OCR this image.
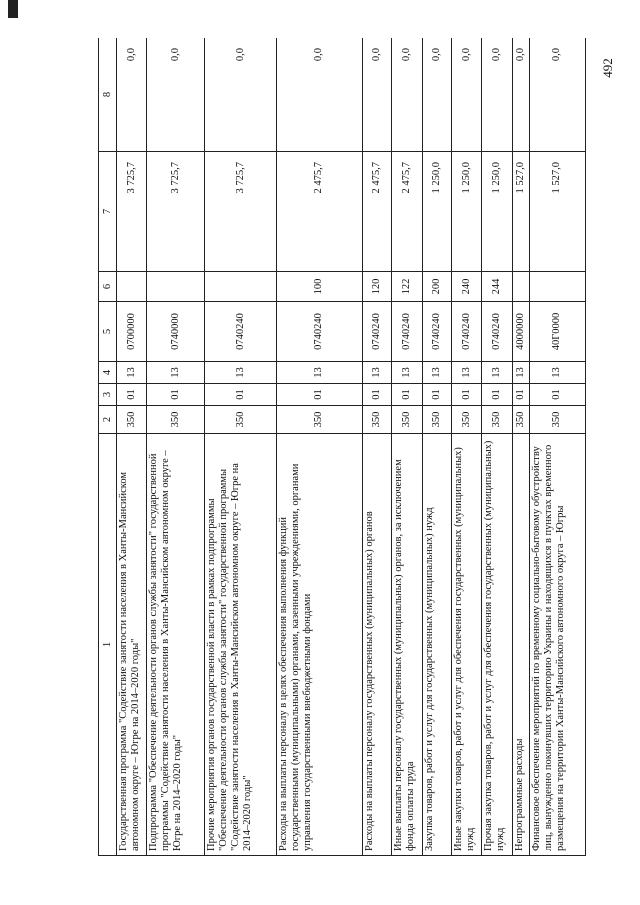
492
1	2	3	4	5	6	7	8
Государственная программа "Содействие занятости населения в Ханты-Мансийском автономном округе – Югре на 2014–2020 годы"	350	01	13	0700000		3 725,7	0,0
Подпрограмма "Обеспечение деятельности органов службы занятости" государственной программы "Содействие занятости населения в Ханты-Мансийском автономном округе – Югре на 2014–2020 годы"	350	01	13	0740000		3 725,7	0,0
Прочие мероприятия органов государственной власти в рамках подпрограммы "Обеспечение деятельности органов службы занятости" государственной программы "Содействие занятости населения в Ханты-Мансийском автономном округе – Югре на 2014–2020 годы"	350	01	13	0740240		3 725,7	0,0
Расходы на выплаты персоналу в целях обеспечения выполнения функций государственными (муниципальными) органами, казенными учреждениями, органами управления государственными внебюджетными фондами	350	01	13	0740240	100	2 475,7	0,0
Расходы на выплаты персоналу государственных (муниципальных) органов	350	01	13	0740240	120	2 475,7	0,0
Иные выплаты персоналу государственных (муниципальных) органов, за исключением фонда оплаты труда	350	01	13	0740240	122	2 475,7	0,0
Закупка товаров, работ и услуг для государственных (муниципальных) нужд	350	01	13	0740240	200	1 250,0	0,0
Иные закупки товаров, работ и услуг для обеспечения государственных (муниципальных) нужд	350	01	13	0740240	240	1 250,0	0,0
Прочая закупка товаров, работ и услуг для обеспечения государственных (муниципальных) нужд	350	01	13	0740240	244	1 250,0	0,0
Непрограммные расходы	350	01	13	4000000		1 527,0	0,0
Финансовое обеспечение мероприятий по временному социально-бытовому обустройству лиц, вынужденно покинувших территорию Украины и находящихся в пунктах временного размещения на территории Ханты-Мансийского автономного округа – Югры	350	01	13	40Г0000		1 527,0	0,0
